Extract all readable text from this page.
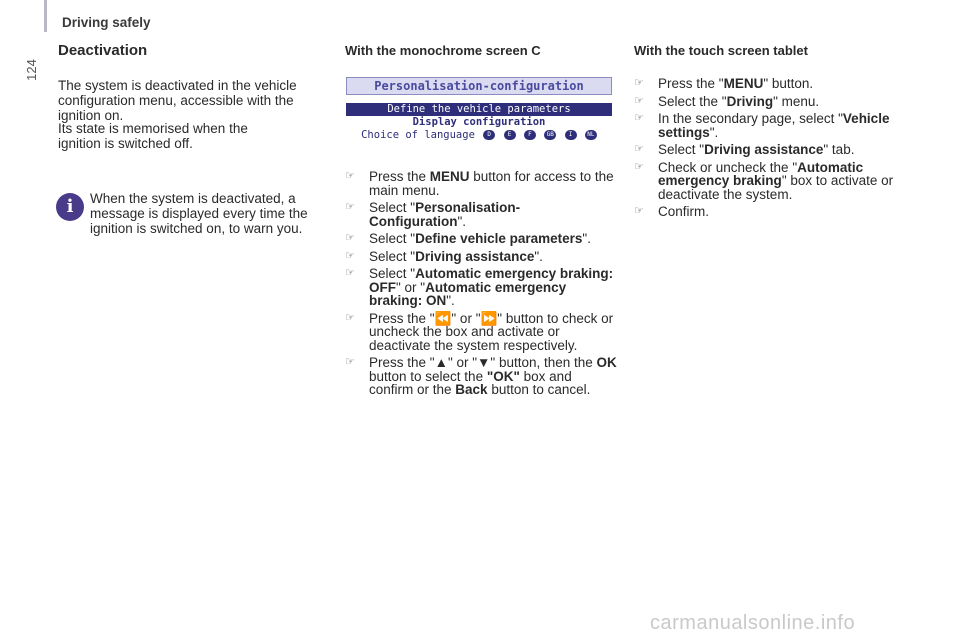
124
Driving safely
Deactivation
The system is deactivated in the vehicle configuration menu, accessible with the ignition on.
Its state is memorised when the ignition is switched off.
i	When the system is deactivated, a message is displayed every time the ignition is switched on, to warn you.
With the monochrome screen C
Personalisation-configuration
Define the vehicle parameters
Display configuration
Choice of language D	E	F GB I NL
☞ Press the MENU button for access to the main menu.
☞ Select "Personalisation-Configuration".
☞ Select "Define vehicle parameters".
☞ Select "Driving assistance".
☞ Select "Automatic emergency braking: OFF" or "Automatic emergency braking: ON".
☞ Press the "⏪" or "⏩" button to check or uncheck the box and activate or deactivate the system respectively.
☞ Press the "▲" or "▼" button, then the OK button to select the "OK" box and confirm or the Back button to cancel.
With the touch screen tablet
☞ Press the "MENU" button.
☞ Select the "Driving" menu.
☞ In the secondary page, select "Vehicle settings".
☞ Select "Driving assistance" tab.
☞ Check or uncheck the "Automatic emergency braking" box to activate or deactivate the system.
☞ Confirm.
carmanualsonline.info
